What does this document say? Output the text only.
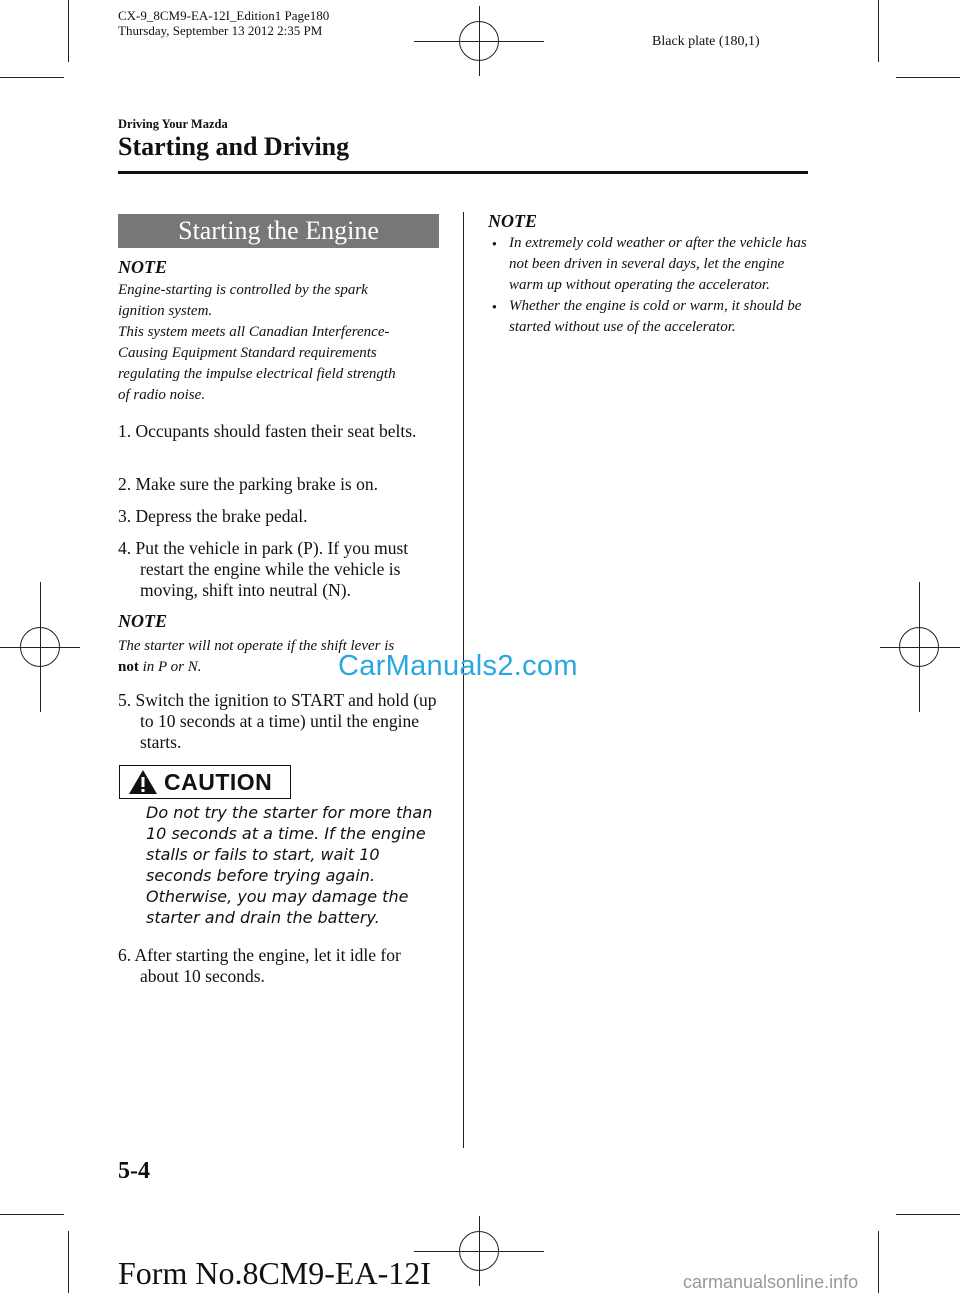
CX-9_8CM9-EA-12I_Edition1 Page180
Thursday, September 13 2012 2:35 PM
Black plate (180,1)
Driving Your Mazda
Starting and Driving
Starting the Engine
NOTE
Engine-starting is controlled by the spark
ignition system.
This system meets all Canadian Interference-
Causing Equipment Standard requirements
regulating the impulse electrical field strength
of radio noise.
1. Occupants should fasten their seat belts.
2. Make sure the parking brake is on.
3. Depress the brake pedal.
4. Put the vehicle in park (P). If you must restart the engine while the vehicle is moving, shift into neutral (N).
NOTE
The starter will not operate if the shift lever is
not in P or N.
5. Switch the ignition to START and hold (up to 10 seconds at a time) until the engine starts.
CAUTION
Do not try the starter for more than 10 seconds at a time. If the engine stalls or fails to start, wait 10 seconds before trying again. Otherwise, you may damage the starter and drain the battery.
6. After starting the engine, let it idle for about 10 seconds.
NOTE
● In extremely cold weather or after the vehicle has not been driven in several days, let the engine warm up without operating the accelerator.
● Whether the engine is cold or warm, it should be started without use of the accelerator.
CarManuals2.com
5-4
Form No.8CM9-EA-12I	carmanualsonline.info
